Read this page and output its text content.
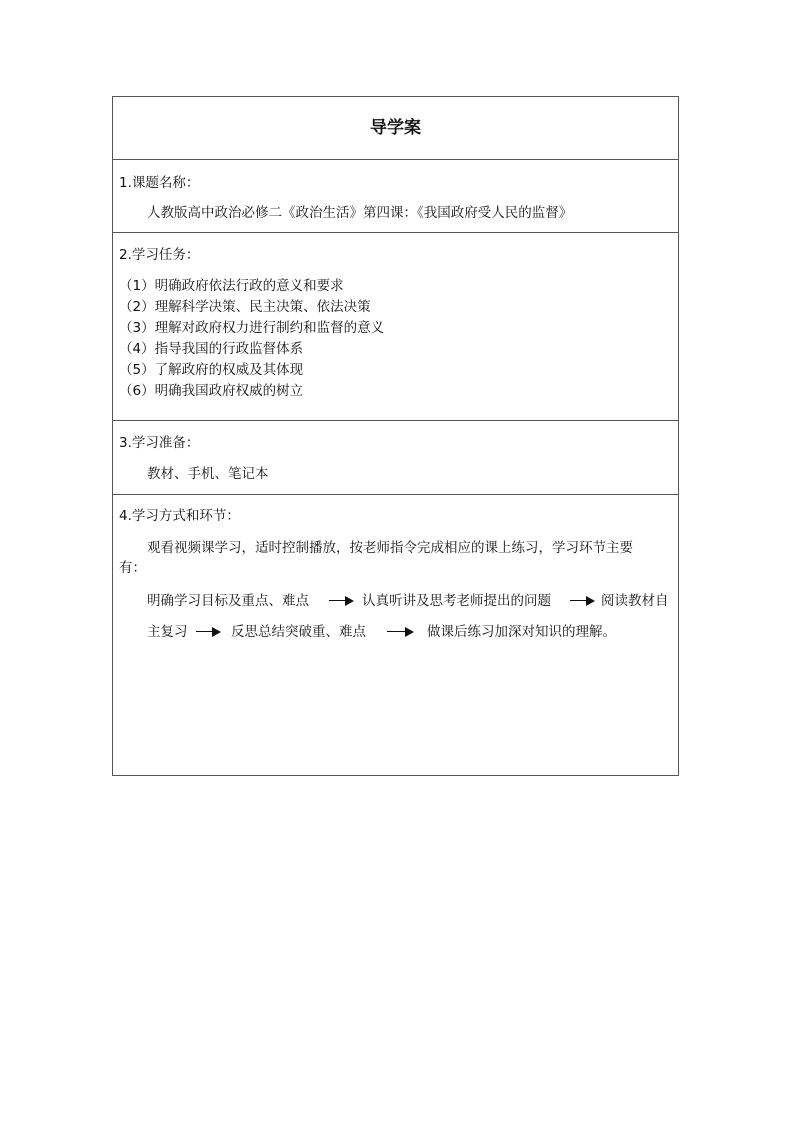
导学案
1.课题名称：
人教版高中政治必修二《政治生活》第四课：《我国政府受人民的监督》
2.学习任务：
（1）明确政府依法行政的意义和要求
（2）理解科学决策、民主决策、依法决策
（3）理解对政府权力进行制约和监督的意义
（4）指导我国的行政监督体系
（5）了解政府的权威及其体现
（6）明确我国政府权威的树立
3.学习准备：
教材、手机、笔记本
4.学习方式和环节：
观看视频课学习，适时控制播放，按老师指令完成相应的课上练习，学习环节主要
有：
明确学习目标及重点、难点	认真听讲及思考老师提出的问题	阅读教材自
主复习	反思总结突破重、难点	做课后练习加深对知识的理解。
